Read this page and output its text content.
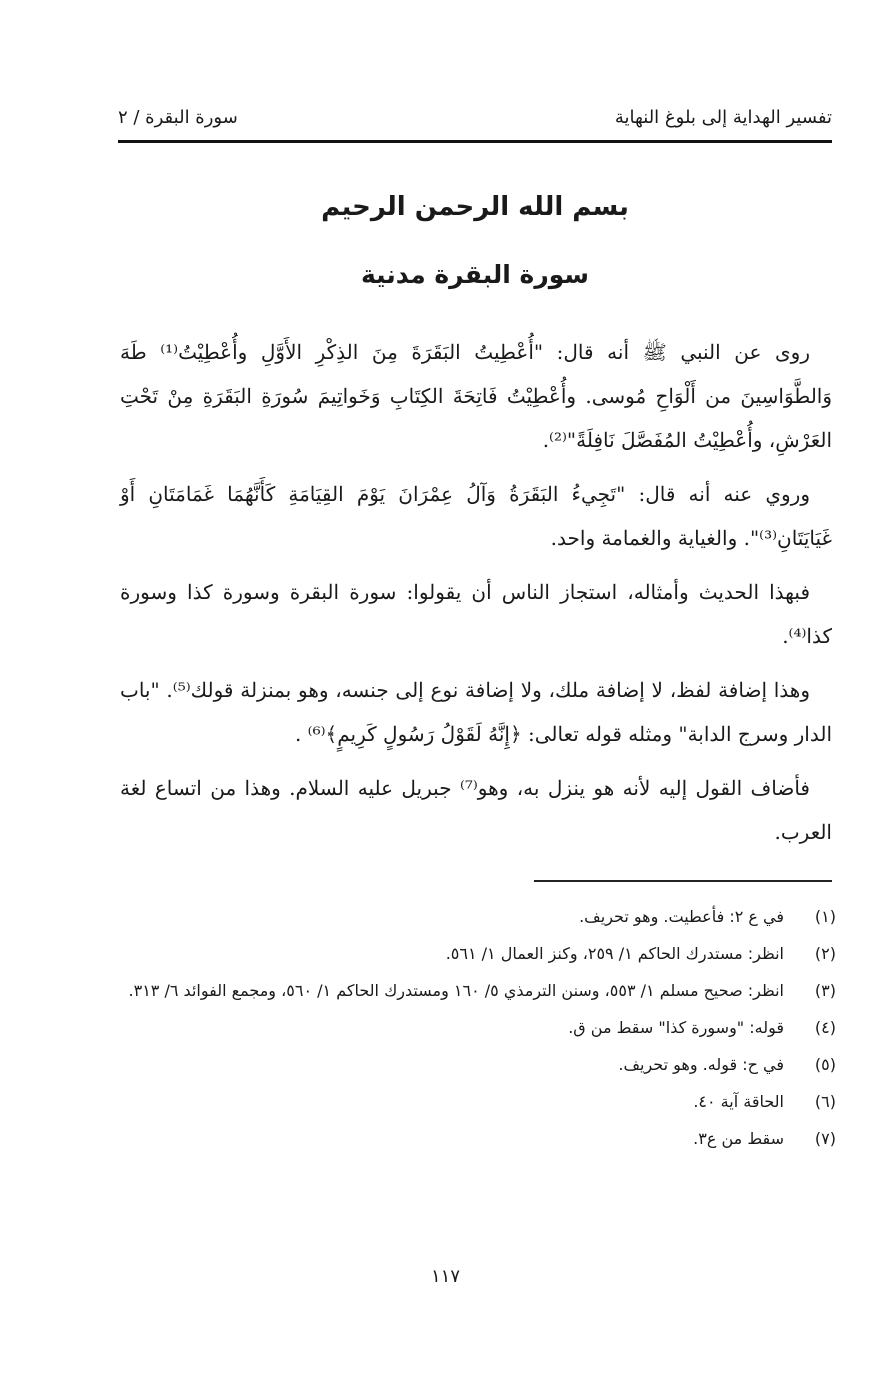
تفسير الهداية إلى بلوغ النهاية
سورة البقرة / ٢
بسم الله الرحمن الرحيم
سورة البقرة مدنية

روى عن النبي ﷺ أنه قال: "أُعْطِيتُ البَقَرَةَ مِنَ الذِكْرِ الأَوَّلِ وأُعْطِيْتُ⁽¹⁾ طَهَ وَالطَّوَاسِينَ من أَلْوَاحِ مُوسى. وأُعْطِيْتُ فَاتِحَةَ الكِتَابِ وَخَواتِيمَ سُورَةِ البَقَرَةِ مِنْ تَحْتِ العَرْشِ، وأُعْطِيْتُ المُفَصَّلَ نَافِلَةً"⁽²⁾.

وروي عنه أنه قال: "تَجِيءُ البَقَرَةُ وَآلُ عِمْرَانَ يَوْمَ القِيَامَةِ كَأَنَّهُمَا غَمَامَتَانِ أَوْ غَيَايَتَانِ⁽³⁾". والغياية والغمامة واحد.

فبهذا الحديث وأمثاله، استجاز الناس أن يقولوا: سورة البقرة وسورة كذا وسورة كذا⁽⁴⁾.

وهذا إضافة لفظ، لا إضافة ملك، ولا إضافة نوع إلى جنسه، وهو بمنزلة قولك⁽⁵⁾. "باب الدار وسرج الدابة" ومثله قوله تعالى: ﴿إِنَّهُ لَقَوْلُ رَسُولٍ كَرِيمٍ﴾⁽⁶⁾ .

فأضاف القول إليه لأنه هو ينزل به، وهو⁽⁷⁾ جبريل عليه السلام. وهذا من اتساع لغة العرب.

(١)
في ع ٢: فأعطيت. وهو تحريف.
(٢)
انظر: مستدرك الحاكم ١/ ٢٥٩، وكنز العمال ١/ ٥٦١.
(٣)
انظر: صحيح مسلم ١/ ٥٥٣، وسنن الترمذي ٥/ ١٦٠ ومستدرك الحاكم ١/ ٥٦٠، ومجمع الفوائد ٦/ ٣١٣.
(٤)
قوله: "وسورة كذا" سقط من ق.
(٥)
في ح: قوله. وهو تحريف.
(٦)
الحاقة آية ٤٠.
(٧)
سقط من ع٣.
١١٧
